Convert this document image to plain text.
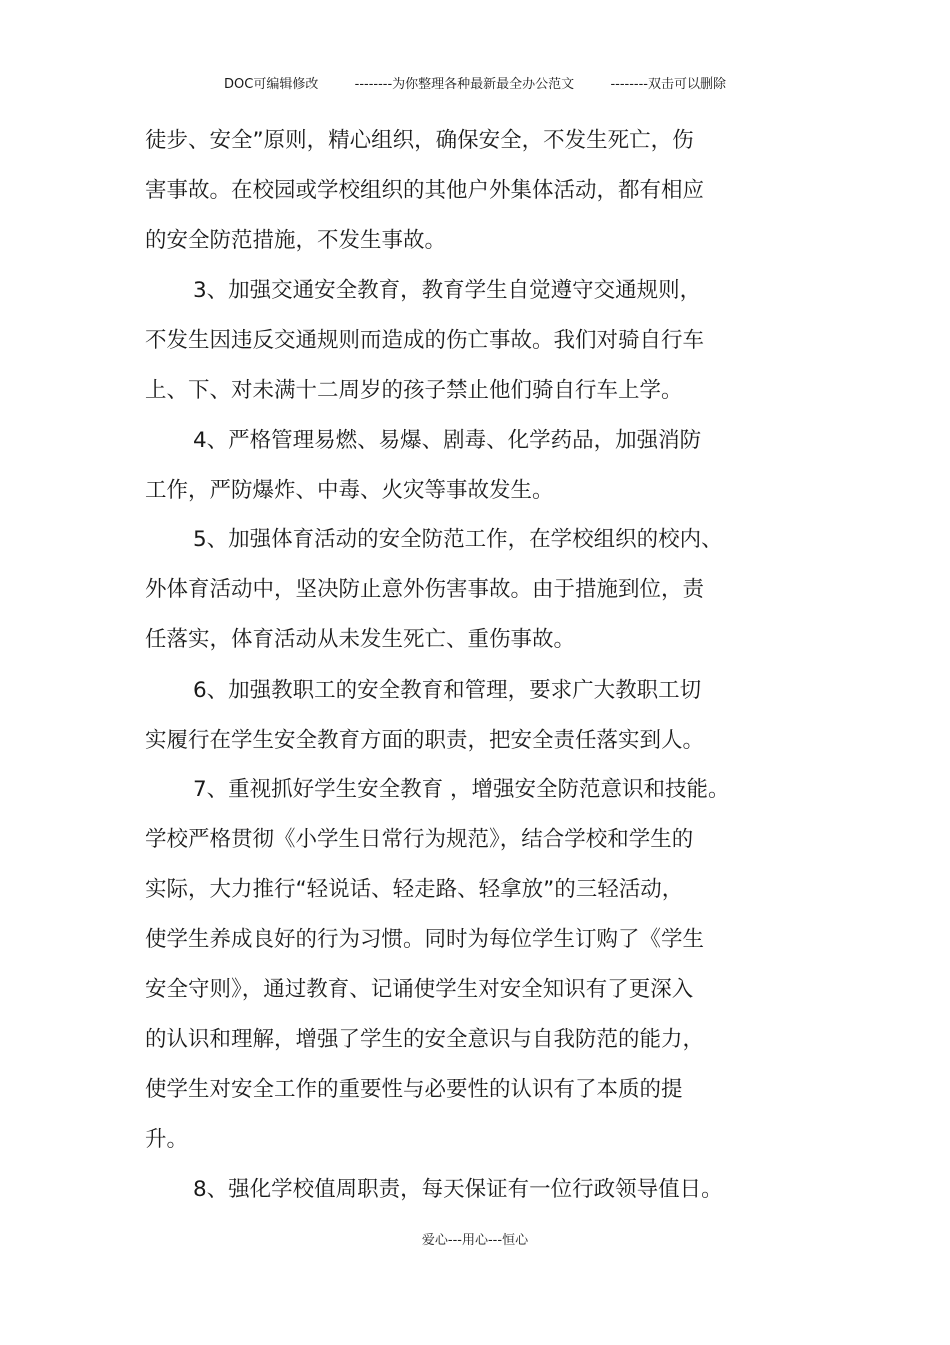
DOC可编辑修改	--------为你整理各种最新最全办公范文	--------双击可以删除
徒步、安全”原则，精心组织，确保安全，不发生死亡，伤
害事故。在校园或学校组织的其他户外集体活动，都有相应
的安全防范措施，不发生事故。
3、加强交通安全教育，教育学生自觉遵守交通规则，
不发生因违反交通规则而造成的伤亡事故。我们对骑自行车
上、下、对未满十二周岁的孩子禁止他们骑自行车上学。
4、严格管理易燃、易爆、剧毒、化学药品，加强消防
工作，严防爆炸、中毒、火灾等事故发生。
5、加强体育活动的安全防范工作，在学校组织的校内、
外体育活动中，坚决防止意外伤害事故。由于措施到位，责
任落实，体育活动从未发生死亡、重伤事故。
6、加强教职工的安全教育和管理，要求广大教职工切
实履行在学生安全教育方面的职责，把安全责任落实到人。
7、重视抓好学生安全教育 ，增强安全防范意识和技能。
学校严格贯彻《小学生日常行为规范》，结合学校和学生的
实际，大力推行“轻说话、轻走路、轻拿放”的三轻活动，
使学生养成良好的行为习惯。同时为每位学生订购了《学生
安全守则》，通过教育、记诵使学生对安全知识有了更深入
的认识和理解，增强了学生的安全意识与自我防范的能力，
使学生对安全工作的重要性与必要性的认识有了本质的提
升。
8、强化学校值周职责，每天保证有一位行政领导值日。
爱心---用心---恒心
